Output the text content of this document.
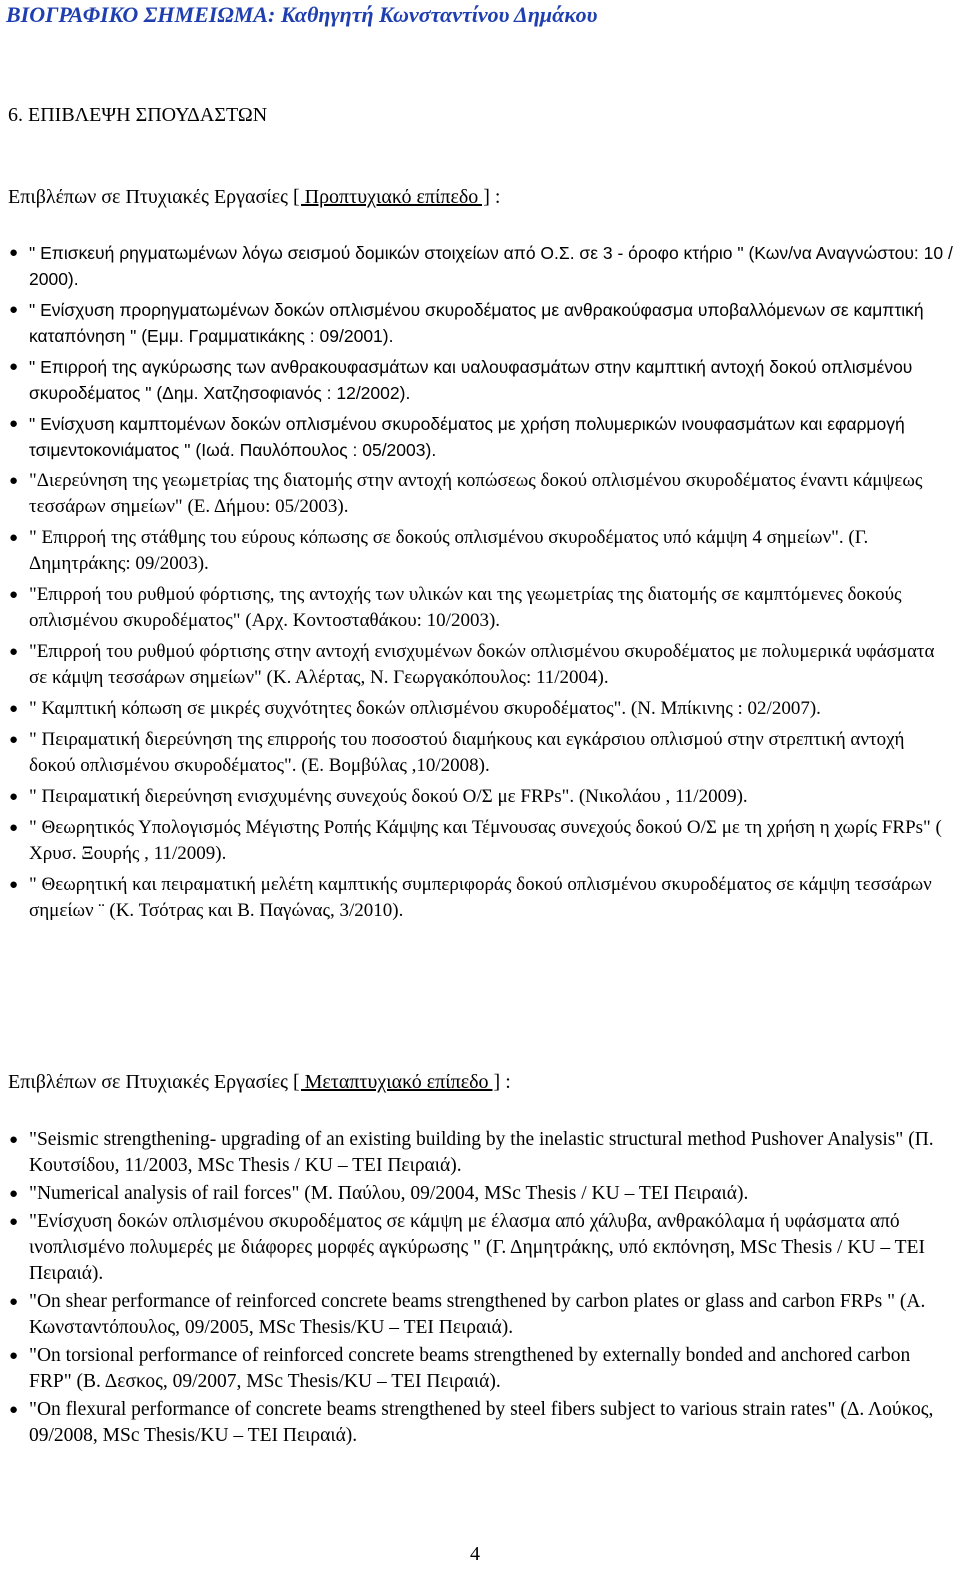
ΒΙΟΓΡΑΦΙΚΟ ΣΗΜΕΙΩΜΑ: Καθηγητή Κωνσταντίνου Δημάκου
6. ΕΠΙΒΛΕΨΗ ΣΠΟΥΔΑΣΤΩΝ
Επιβλέπων σε Πτυχιακές Εργασίες [ Προπτυχιακό επίπεδο ] :
● " Επισκευή ρηγματωμένων λόγω σεισμού δομικών στοιχείων από Ο.Σ. σε 3 - όροφο κτήριο " (Κων/να Αναγνώστου: 10 / 2000).
● " Ενίσχυση προρηγματωμένων δοκών οπλισμένου σκυροδέματος με ανθρακούφασμα υποβαλλόμενων σε καμπτική καταπόνηση " (Εμμ. Γραμματικάκης : 09/2001).
● " Επιρροή της αγκύρωσης των ανθρακουφασμάτων και υαλουφασμάτων στην καμπτική αντοχή δοκού οπλισμένου σκυροδέματος " (Δημ. Χατζησοφιανός : 12/2002).
● " Ενίσχυση καμπτομένων δοκών οπλισμένου σκυροδέματος με χρήση πολυμερικών ινουφασμάτων και εφαρμογή τσιμεντοκονιάματος " (Ιωά. Παυλόπουλος : 05/2003).
● "Διερεύνηση της γεωμετρίας της διατομής στην αντοχή κοπώσεως δοκού οπλισμένου σκυροδέματος έναντι κάμψεως τεσσάρων σημείων" (Ε. Δήμου: 05/2003).
● " Επιρροή της στάθμης του εύρους κόπωσης σε δοκούς οπλισμένου σκυροδέματος υπό κάμψη 4 σημείων". (Γ. Δημητράκης: 09/2003).
● "Επιρροή του ρυθμού φόρτισης, της αντοχής των υλικών και της γεωμετρίας της διατομής σε καμπτόμενες δοκούς οπλισμένου σκυροδέματος" (Αρχ. Κοντοσταθάκου: 10/2003).
● "Επιρροή του ρυθμού φόρτισης στην αντοχή ενισχυμένων δοκών οπλισμένου σκυροδέματος με πολυμερικά υφάσματα σε κάμψη τεσσάρων σημείων" (Κ. Αλέρτας, Ν. Γεωργακόπουλος: 11/2004).
● " Καμπτική κόπωση σε μικρές συχνότητες δοκών οπλισμένου σκυροδέματος". (Ν. Μπίκινης : 02/2007).
● " Πειραματική διερεύνηση της επιρροής του ποσοστού διαμήκους και εγκάρσιου οπλισμού στην στρεπτική αντοχή δοκού οπλισμένου σκυροδέματος". (Ε. Βομβύλας ,10/2008).
● " Πειραματική διερεύνηση ενισχυμένης συνεχούς δοκού Ο/Σ με FRPs". (Νικολάου , 11/2009).
● " Θεωρητικός Υπολογισμός Μέγιστης Ροπής Κάμψης και Τέμνουσας συνεχούς δοκού Ο/Σ με τη χρήση η χωρίς FRPs" ( Χρυσ. Ξουρής , 11/2009).
● " Θεωρητική και πειραματική μελέτη καμπτικής συμπεριφοράς δοκού οπλισμένου σκυροδέματος σε κάμψη τεσσάρων σημείων ¨ (Κ. Τσότρας και Β. Παγώνας, 3/2010).
Επιβλέπων σε Πτυχιακές Εργασίες [ Μεταπτυχιακό επίπεδο ] :
● "Seismic strengthening- upgrading of an existing building by the inelastic structural method Pushover Analysis" (Π. Κουτσίδου, 11/2003, MSc Thesis / KU – TEI Πειραιά).
● "Numerical analysis of rail forces" (Μ. Παύλου, 09/2004, MSc Thesis / KU – TEI Πειραιά).
● "Ενίσχυση δοκών οπλισμένου σκυροδέματος σε κάμψη με έλασμα από χάλυβα, ανθρακόλαμα ή υφάσματα από ινοπλισμένο πολυμερές με διάφορες μορφές αγκύρωσης " (Γ. Δημητράκης, υπό εκπόνηση, MSc Thesis / KU – TEI Πειραιά).
● "On shear performance of reinforced concrete beams strengthened by carbon plates or glass and carbon FRPs " (Α. Κωνσταντόπουλος, 09/2005, MSc Thesis/KU – TEI Πειραιά).
● "On torsional performance of reinforced concrete beams strengthened by externally bonded and anchored carbon FRP" (Β. Δεσκος, 09/2007, MSc Thesis/KU – TEI Πειραιά).
● "On flexural performance of concrete beams strengthened by steel fibers subject to various strain rates" (Δ. Λούκος, 09/2008, MSc Thesis/KU – TEI Πειραιά).
4
